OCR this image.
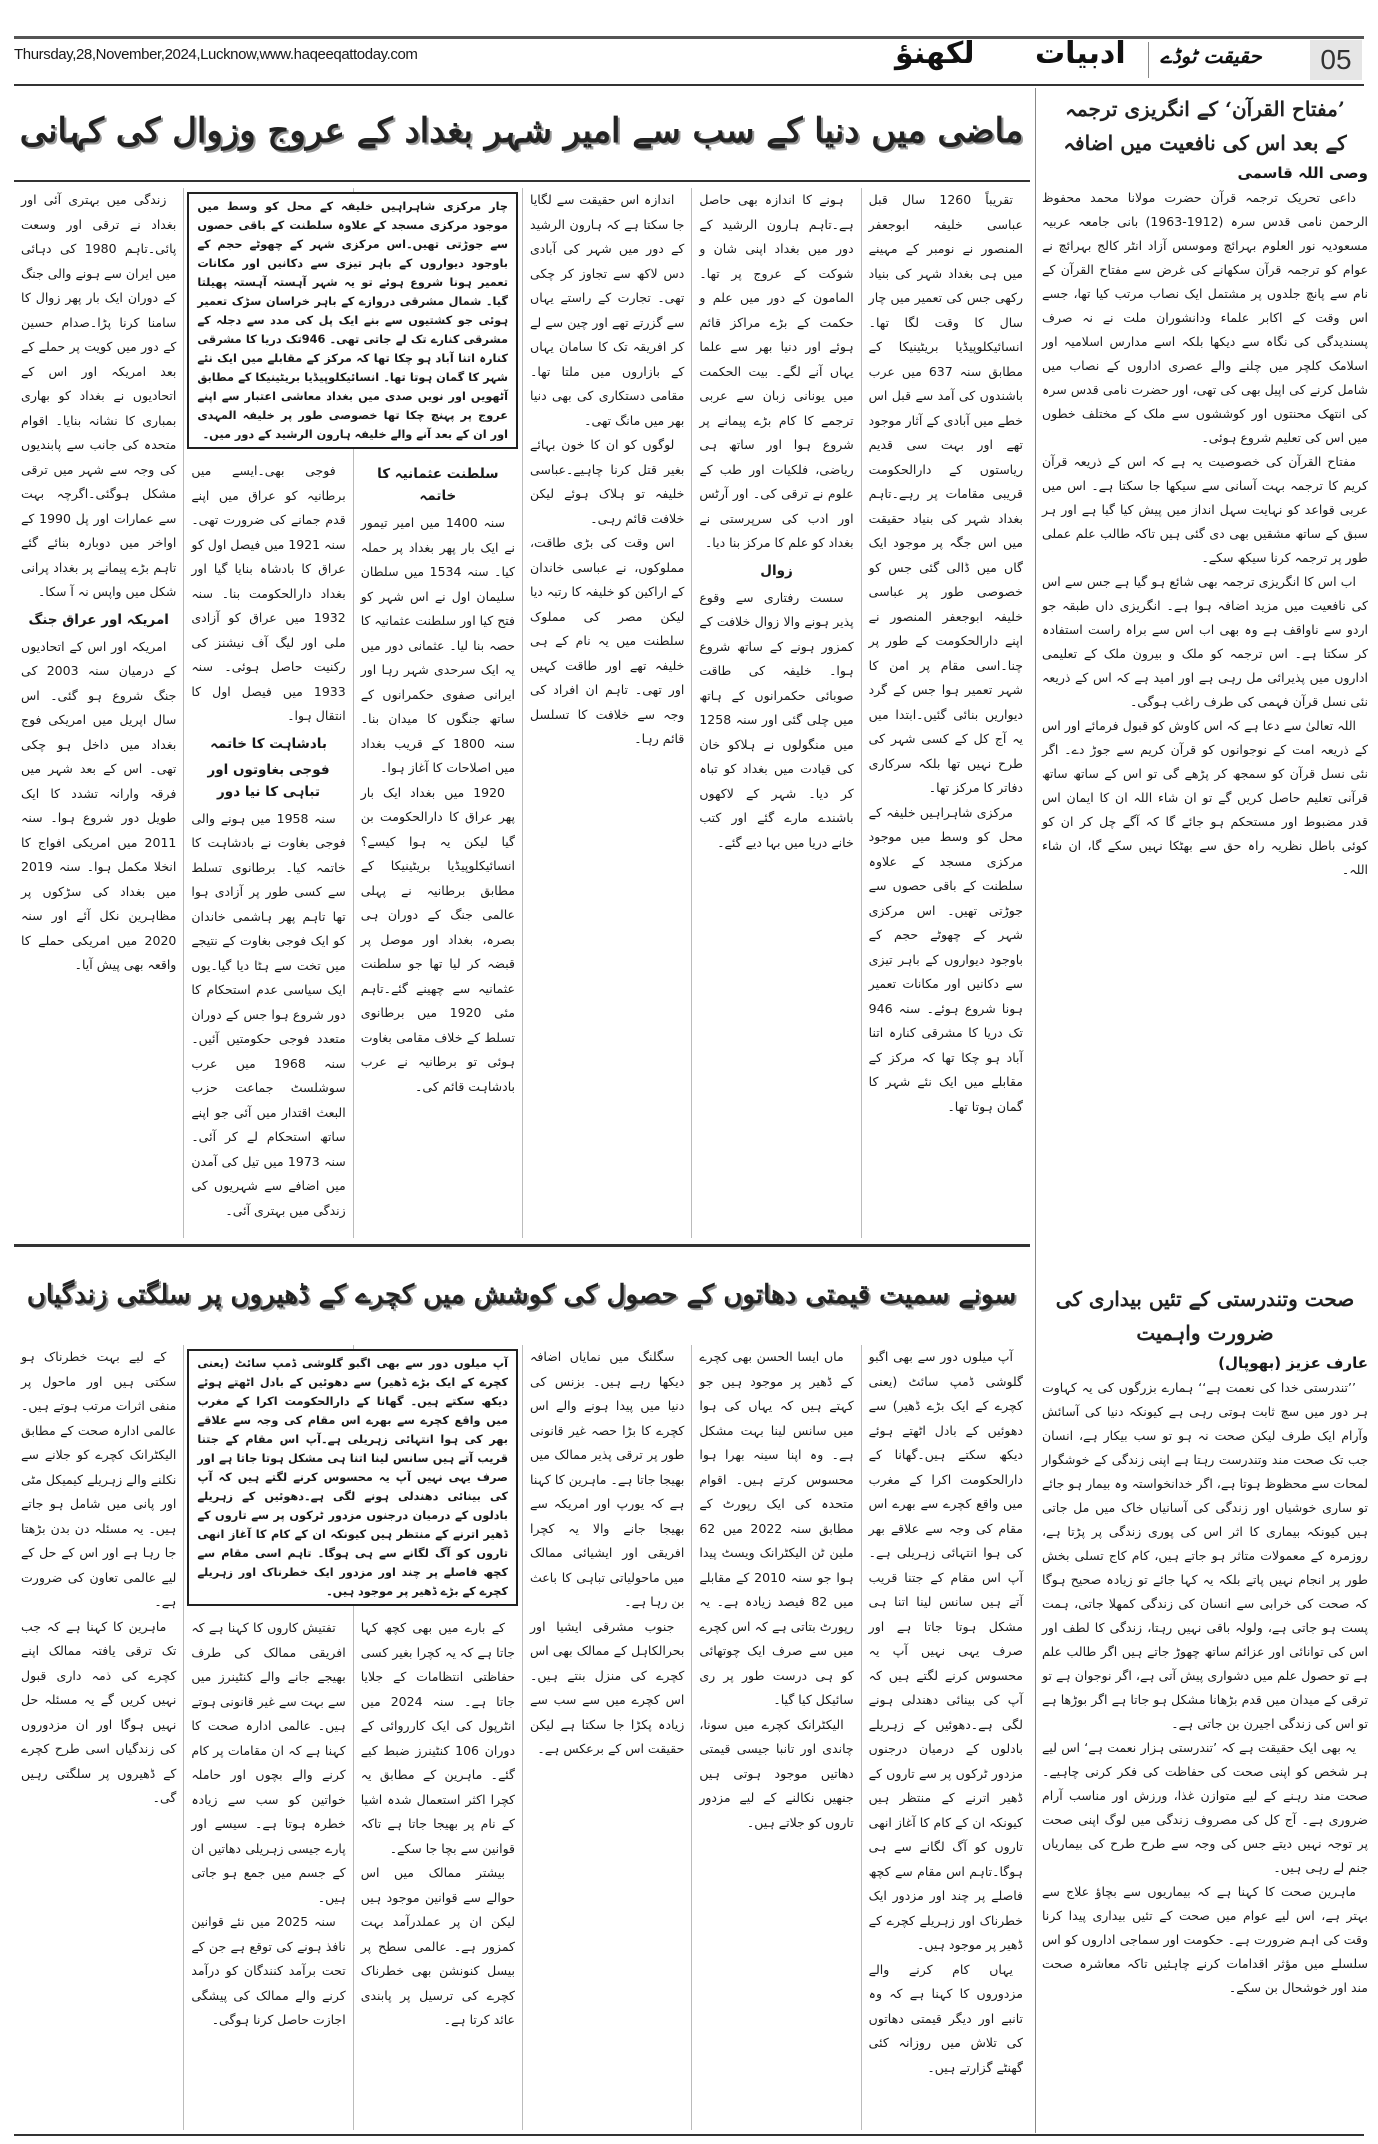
Thursday,28,November,2024,Lucknow,www.haqeeqattoday.com	لکھنؤ ادبیات حقیقت ٹوڈے	05
ماضی میں دنیا کے سب سے امیر شہر بغداد کے عروج وزوال کی کہانی

تقریباً 1260 سال قبل عباسی خلیفہ ابوجعفر المنصور نے نومبر کے مہینے میں ہی بغداد شہر کی بنیاد رکھی جس کی تعمیر میں چار سال کا وقت لگا تھا۔انسائیکلوپیڈیا بریٹینیکا کے مطابق سنہ 637 میں عرب باشندوں کی آمد سے قبل اس خطے میں آبادی کے آثار موجود تھے اور بہت سی قدیم ریاستوں کے دارالحکومت قریبی مقامات پر رہے۔تاہم بغداد شہر کی بنیاد حقیقت میں اس جگہ پر موجود ایک گاں میں ڈالی گئی جس کو خصوصی طور پر عباسی خلیفہ ابوجعفر المنصور نے اپنے دارالحکومت کے طور پر چنا۔اسی مقام پر امن کا شہر تعمیر ہوا جس کے گرد دیواریں بنائی گئیں۔ابتدا میں یہ آج کل کے کسی شہر کی طرح نہیں تھا بلکہ سرکاری دفاتر کا مرکز تھا۔

مرکزی شاہراہیں خلیفہ کے محل کو وسط میں موجود مرکزی مسجد کے علاوہ سلطنت کے باقی حصوں سے جوڑتی تھیں۔ اس مرکزی شہر کے چھوٹے حجم کے باوجود دیواروں کے باہر تیزی سے دکانیں اور مکانات تعمیر ہونا شروع ہوئے۔ سنہ 946 تک دریا کا مشرقی کنارہ اتنا آباد ہو چکا تھا کہ مرکز کے مقابلے میں ایک نئے شہر کا گمان ہوتا تھا۔

ہونے کا اندازہ بھی حاصل ہے۔تاہم ہارون الرشید کے دور میں بغداد اپنی شان و شوکت کے عروج پر تھا۔ المامون کے دور میں علم و حکمت کے بڑے مراکز قائم ہوئے اور دنیا بھر سے علما یہاں آنے لگے۔ بیت الحکمت میں یونانی زبان سے عربی ترجمے کا کام بڑے پیمانے پر شروع ہوا اور ساتھ ہی ریاضی، فلکیات اور طب کے علوم نے ترقی کی۔ اور آرٹس اور ادب کی سرپرستی نے بغداد کو علم کا مرکز بنا دیا۔

زوال

سست رفتاری سے وقوع پذیر ہونے والا زوال خلافت کے کمزور ہونے کے ساتھ شروع ہوا۔ خلیفہ کی طاقت صوبائی حکمرانوں کے ہاتھ میں چلی گئی اور سنہ 1258 میں منگولوں نے ہلاکو خان کی قیادت میں بغداد کو تباہ کر دیا۔ شہر کے لاکھوں باشندے مارے گئے اور کتب خانے دریا میں بہا دیے گئے۔

اندازہ اس حقیقت سے لگایا جا سکتا ہے کہ ہارون الرشید کے دور میں شہر کی آبادی دس لاکھ سے تجاوز کر چکی تھی۔ تجارت کے راستے یہاں سے گزرتے تھے اور چین سے لے کر افریقہ تک کا سامان یہاں کے بازاروں میں ملتا تھا۔ مقامی دستکاری کی بھی دنیا بھر میں مانگ تھی۔

لوگوں کو ان کا خون بہائے بغیر قتل کرنا چاہیے۔عباسی خلیفہ تو ہلاک ہوئے لیکن خلافت قائم رہی۔

اس وقت کی بڑی طاقت، مملوکوں، نے عباسی خاندان کے اراکین کو خلیفہ کا رتبہ دیا لیکن مصر کی مملوک سلطنت میں یہ نام کے ہی خلیفہ تھے اور طاقت کہیں اور تھی۔ تاہم ان افراد کی وجہ سے خلافت کا تسلسل قائم رہا۔

سلطنت عثمانیہ کا خاتمہ

سنہ 1400 میں امیر تیمور نے ایک بار پھر بغداد پر حملہ کیا۔ سنہ 1534 میں سلطان سلیمان اول نے اس شہر کو فتح کیا اور سلطنت عثمانیہ کا حصہ بنا لیا۔ عثمانی دور میں یہ ایک سرحدی شہر رہا اور ایرانی صفوی حکمرانوں کے ساتھ جنگوں کا میدان بنا۔ سنہ 1800 کے قریب بغداد میں اصلاحات کا آغاز ہوا۔

1920 میں بغداد ایک بار پھر عراق کا دارالحکومت بن گیا لیکن یہ ہوا کیسے؟ انسائیکلوپیڈیا بریٹینیکا کے مطابق برطانیہ نے پہلی عالمی جنگ کے دوران ہی بصرہ، بغداد اور موصل پر قبضہ کر لیا تھا جو سلطنت عثمانیہ سے چھینے گئے۔تاہم مئی 1920 میں برطانوی تسلط کے خلاف مقامی بغاوت ہوئی تو برطانیہ نے عرب بادشاہت قائم کی۔

فوجی بھی۔ایسے میں برطانیہ کو عراق میں اپنے قدم جمانے کی ضرورت تھی۔ سنہ 1921 میں فیصل اول کو عراق کا بادشاہ بنایا گیا اور بغداد دارالحکومت بنا۔ سنہ 1932 میں عراق کو آزادی ملی اور لیگ آف نیشنز کی رکنیت حاصل ہوئی۔ سنہ 1933 میں فیصل اول کا انتقال ہوا۔

بادشاہت کا خاتمہ
فوجی بغاوتوں اور تباہی کا نیا دور

سنہ 1958 میں ہونے والی فوجی بغاوت نے بادشاہت کا خاتمہ کیا۔ برطانوی تسلط سے کسی طور پر آزادی ہوا تھا تاہم پھر ہاشمی خاندان کو ایک فوجی بغاوت کے نتیجے میں تخت سے ہٹا دیا گیا۔یوں ایک سیاسی عدم استحکام کا دور شروع ہوا جس کے دوران متعدد فوجی حکومتیں آئیں۔ سنہ 1968 میں عرب سوشلسٹ جماعت حزب البعث اقتدار میں آئی جو اپنے ساتھ استحکام لے کر آئی۔ سنہ 1973 میں تیل کی آمدن میں اضافے سے شہریوں کی زندگی میں بہتری آئی۔

زندگی میں بہتری آئی اور بغداد نے ترقی اور وسعت پائی۔تاہم 1980 کی دہائی میں ایران سے ہونے والی جنگ کے دوران ایک بار پھر زوال کا سامنا کرنا پڑا۔صدام حسین کے دور میں کویت پر حملے کے بعد امریکہ اور اس کے اتحادیوں نے بغداد کو بھاری بمباری کا نشانہ بنایا۔ اقوام متحدہ کی جانب سے پابندیوں کی وجہ سے شہر میں ترقی مشکل ہوگئی۔اگرچہ بہت سے عمارات اور پل 1990 کے اواخر میں دوبارہ بنائے گئے تاہم بڑے پیمانے پر بغداد پرانی شکل میں واپس نہ آ سکا۔

امریکہ اور عراق جنگ

امریکہ اور اس کے اتحادیوں کے درمیان سنہ 2003 کی جنگ شروع ہو گئی۔ اس سال اپریل میں امریکی فوج بغداد میں داخل ہو چکی تھی۔ اس کے بعد شہر میں فرقہ وارانہ تشدد کا ایک طویل دور شروع ہوا۔ سنہ 2011 میں امریکی افواج کا انخلا مکمل ہوا۔ سنہ 2019 میں بغداد کی سڑکوں پر مظاہرین نکل آئے اور سنہ 2020 میں امریکی حملے کا واقعہ بھی پیش آیا۔

چار مرکزی شاہراہیں خلیفہ کے محل کو وسط میں موجود مرکزی مسجد کے علاوہ سلطنت کے باقی حصوں سے جوڑتی تھیں۔اس مرکزی شہر کے چھوٹے حجم کے باوجود دیواروں کے باہر تیزی سے دکانیں اور مکانات تعمیر ہونا شروع ہوئے تو یہ شہر آہستہ آہستہ پھیلتا گیا۔ شمال مشرقی دروازے کے باہر خراسان سڑک تعمیر ہوئی جو کشتیوں سے بنے ایک پل کی مدد سے دجلہ کے مشرقی کنارے تک لے جاتی تھی۔ 946تک دریا کا مشرقی کنارہ اتنا آباد ہو چکا تھا کہ مرکز کے مقابلے میں ایک نئے شہر کا گمان ہوتا تھا۔ انسائیکلوپیڈیا بریٹینیکا کے مطابق آٹھویں اور نویں صدی میں بغداد معاشی اعتبار سے اپنے عروج پر پہنچ چکا تھا خصوصی طور پر خلیفہ المہدی اور ان کے بعد آنے والے خلیفہ ہارون الرشید کے دور میں۔
سونے سمیت قیمتی دھاتوں کے حصول کی کوشش میں کچرے کے ڈھیروں پر سلگتی زندگیاں

آپ میلوں دور سے بھی اگبو گلوشی ڈمپ سائٹ (یعنی کچرے کے ایک بڑے ڈھیر) سے دھوئیں کے بادل اٹھتے ہوئے دیکھ سکتے ہیں۔گھانا کے دارالحکومت اکرا کے مغرب میں واقع کچرے سے بھرے اس مقام کی وجہ سے علاقے بھر کی ہوا انتہائی زہریلی ہے۔ آپ اس مقام کے جتنا قریب آتے ہیں سانس لینا اتنا ہی مشکل ہوتا جاتا ہے اور صرف یہی نہیں آپ یہ محسوس کرنے لگتے ہیں کہ آپ کی بینائی دھندلی ہونے لگی ہے۔دھوئیں کے زہریلے بادلوں کے درمیان درجنوں مزدور ٹرکوں پر سے تاروں کے ڈھیر اترنے کے منتظر ہیں کیونکہ ان کے کام کا آغاز انھی تاروں کو آگ لگانے سے ہی ہوگا۔تاہم اس مقام سے کچھ فاصلے پر چند اور مزدور ایک خطرناک اور زہریلے کچرے کے ڈھیر پر موجود ہیں۔

یہاں کام کرنے والے مزدوروں کا کہنا ہے کہ وہ تانبے اور دیگر قیمتی دھاتوں کی تلاش میں روزانہ کئی گھنٹے گزارتے ہیں۔

ماں ایسا الحسن بھی کچرے کے ڈھیر پر موجود ہیں جو کہتے ہیں کہ یہاں کی ہوا میں سانس لینا بہت مشکل ہے۔ وہ اپنا سینہ بھرا ہوا محسوس کرتے ہیں۔ اقوام متحدہ کی ایک رپورٹ کے مطابق سنہ 2022 میں 62 ملین ٹن الیکٹرانک ویسٹ پیدا ہوا جو سنہ 2010 کے مقابلے میں 82 فیصد زیادہ ہے۔ یہ رپورٹ بتاتی ہے کہ اس کچرے میں سے صرف ایک چوتھائی کو ہی درست طور پر ری سائیکل کیا گیا۔

الیکٹرانک کچرے میں سونا، چاندی اور تانبا جیسی قیمتی دھاتیں موجود ہوتی ہیں جنھیں نکالنے کے لیے مزدور تاروں کو جلاتے ہیں۔

سگلنگ میں نمایاں اضافہ دیکھا رہے ہیں۔ بزنس کی دنیا میں پیدا ہونے والے اس کچرے کا بڑا حصہ غیر قانونی طور پر ترقی پذیر ممالک میں بھیجا جاتا ہے۔ ماہرین کا کہنا ہے کہ یورپ اور امریکہ سے بھیجا جانے والا یہ کچرا افریقی اور ایشیائی ممالک میں ماحولیاتی تباہی کا باعث بن رہا ہے۔

جنوب مشرقی ایشیا اور بحرالکاہل کے ممالک بھی اس کچرے کی منزل بنتے ہیں۔ اس کچرے میں سے سب سے زیادہ پکڑا جا سکتا ہے لیکن حقیقت اس کے برعکس ہے۔

کے بارے میں بھی کچھ کہا جاتا ہے کہ یہ کچرا بغیر کسی حفاظتی انتظامات کے جلایا جاتا ہے۔ سنہ 2024 میں انٹرپول کی ایک کارروائی کے دوران 106 کنٹینرز ضبط کیے گئے۔ ماہرین کے مطابق یہ کچرا اکثر استعمال شدہ اشیا کے نام پر بھیجا جاتا ہے تاکہ قوانین سے بچا جا سکے۔

بیشتر ممالک میں اس حوالے سے قوانین موجود ہیں لیکن ان پر عملدرآمد بہت کمزور ہے۔ عالمی سطح پر بیسل کنونشن بھی خطرناک کچرے کی ترسیل پر پابندی عائد کرتا ہے۔

تفتیش کاروں کا کہنا ہے کہ افریقی ممالک کی طرف بھیجے جانے والے کنٹینرز میں سے بہت سے غیر قانونی ہوتے ہیں۔ عالمی ادارہ صحت کا کہنا ہے کہ ان مقامات پر کام کرنے والے بچوں اور حاملہ خواتین کو سب سے زیادہ خطرہ ہوتا ہے۔ سیسے اور پارے جیسی زہریلی دھاتیں ان کے جسم میں جمع ہو جاتی ہیں۔

سنہ 2025 میں نئے قوانین نافذ ہونے کی توقع ہے جن کے تحت برآمد کنندگان کو درآمد کرنے والے ممالک کی پیشگی اجازت حاصل کرنا ہوگی۔

کے لیے بہت خطرناک ہو سکتی ہیں اور ماحول پر منفی اثرات مرتب ہوتے ہیں۔ عالمی ادارہ صحت کے مطابق الیکٹرانک کچرے کو جلانے سے نکلنے والے زہریلے کیمیکل مٹی اور پانی میں شامل ہو جاتے ہیں۔ یہ مسئلہ دن بدن بڑھتا جا رہا ہے اور اس کے حل کے لیے عالمی تعاون کی ضرورت ہے۔

ماہرین کا کہنا ہے کہ جب تک ترقی یافتہ ممالک اپنے کچرے کی ذمہ داری قبول نہیں کریں گے یہ مسئلہ حل نہیں ہوگا اور ان مزدوروں کی زندگیاں اسی طرح کچرے کے ڈھیروں پر سلگتی رہیں گی۔

آپ میلوں دور سے بھی اگبو گلوشی ڈمپ سائٹ (یعنی کچرے کے ایک بڑے ڈھیر) سے دھوئیں کے بادل اٹھتے ہوئے دیکھ سکتے ہیں۔ گھانا کے دارالحکومت اکرا کے مغرب میں واقع کچرے سے بھرے اس مقام کی وجہ سے علاقے بھر کی ہوا انتہائی زہریلی ہے۔آپ اس مقام کے جتنا قریب آتے ہیں سانس لینا اتنا ہی مشکل ہوتا جاتا ہے اور صرف یہی نہیں آپ یہ محسوس کرنے لگتے ہیں کہ آپ کی بینائی دھندلی ہونے لگی ہے۔دھوئیں کے زہریلے بادلوں کے درمیان درجنوں مزدور ٹرکوں پر سے تاروں کے ڈھیر اترنے کے منتظر ہیں کیونکہ ان کے کام کا آغاز انھی تاروں کو آگ لگانے سے ہی ہوگا۔ تاہم اسی مقام سے کچھ فاصلے پر چند اور مزدور ایک خطرناک اور زہریلے کچرے کے بڑے ڈھیر پر موجود ہیں۔
’مفتاح القرآن‘ کے انگریزی ترجمہ
کے بعد اس کی نافعیت میں اضافہ
وصی اللہ قاسمی

داعی تحریک ترجمہ قرآن حضرت مولانا محمد محفوظ الرحمن نامی قدس سرہ (1912-1963) بانی جامعہ عربیہ مسعودیہ نور العلوم بہرائچ وموسس آزاد انٹر کالج بہرائچ نے عوام کو ترجمہ قرآن سکھانے کی غرض سے مفتاح القرآن کے نام سے پانچ جلدوں پر مشتمل ایک نصاب مرتب کیا تھا، جسے اس وقت کے اکابر علماء ودانشوران ملت نے نہ صرف پسندیدگی کی نگاہ سے دیکھا بلکہ اسے مدارس اسلامیہ اور اسلامک کلچر میں چلنے والے عصری اداروں کے نصاب میں شامل کرنے کی اپیل بھی کی تھی، اور حضرت نامی قدس سرہ کی انتھک محنتوں اور کوششوں سے ملک کے مختلف خطوں میں اس کی تعلیم شروع ہوئی۔

مفتاح القرآن کی خصوصیت یہ ہے کہ اس کے ذریعہ قرآن کریم کا ترجمہ بہت آسانی سے سیکھا جا سکتا ہے۔ اس میں عربی قواعد کو نہایت سہل انداز میں پیش کیا گیا ہے اور ہر سبق کے ساتھ مشقیں بھی دی گئی ہیں تاکہ طالب علم عملی طور پر ترجمہ کرنا سیکھ سکے۔

اب اس کا انگریزی ترجمہ بھی شائع ہو گیا ہے جس سے اس کی نافعیت میں مزید اضافہ ہوا ہے۔ انگریزی داں طبقہ جو اردو سے ناواقف ہے وہ بھی اب اس سے براہ راست استفادہ کر سکتا ہے۔ اس ترجمہ کو ملک و بیرون ملک کے تعلیمی اداروں میں پذیرائی مل رہی ہے اور امید ہے کہ اس کے ذریعہ نئی نسل قرآن فہمی کی طرف راغب ہوگی۔

اللہ تعالیٰ سے دعا ہے کہ اس کاوش کو قبول فرمائے اور اس کے ذریعہ امت کے نوجوانوں کو قرآن کریم سے جوڑ دے۔ اگر نئی نسل قرآن کو سمجھ کر پڑھے گی تو اس کے ساتھ ساتھ قرآنی تعلیم حاصل کریں گے تو ان شاء اللہ ان کا ایمان اس قدر مضبوط اور مستحکم ہو جائے گا کہ آگے چل کر ان کو کوئی باطل نظریہ راہ حق سے بھٹکا نہیں سکے گا، ان شاء اللہ۔

صحت وتندرستی کے تئیں بیداری کی ضرورت واہمیت
عارف عزیز (بھوپال)

’’تندرستی خدا کی نعمت ہے‘‘ ہمارے بزرگوں کی یہ کہاوت ہر دور میں سچ ثابت ہوتی رہی ہے کیونکہ دنیا کی آسائش وآرام ایک طرف لیکن صحت نہ ہو تو سب بیکار ہے، انسان جب تک صحت مند وتندرست رہتا ہے اپنی زندگی کے خوشگوار لمحات سے محظوظ ہوتا ہے، اگر خدانخواستہ وہ بیمار ہو جائے تو ساری خوشیاں اور زندگی کی آسانیاں خاک میں مل جاتی ہیں کیونکہ بیماری کا اثر اس کی پوری زندگی پر پڑتا ہے، روزمرہ کے معمولات متاثر ہو جاتے ہیں، کام کاج تسلی بخش طور پر انجام نہیں پاتے بلکہ یہ کہا جائے تو زیادہ صحیح ہوگا کہ صحت کی خرابی سے انسان کی زندگی کمھلا جاتی، ہمت پست ہو جاتی ہے، ولولہ باقی نہیں رہتا، زندگی کا لطف اور اس کی توانائی اور عزائم ساتھ چھوڑ جاتے ہیں اگر طالب علم ہے تو حصول علم میں دشواری پیش آتی ہے، اگر نوجوان ہے تو ترقی کے میدان میں قدم بڑھانا مشکل ہو جاتا ہے اگر بوڑھا ہے تو اس کی زندگی اجیرن بن جاتی ہے۔

یہ بھی ایک حقیقت ہے کہ ’تندرستی ہزار نعمت ہے‘ اس لیے ہر شخص کو اپنی صحت کی حفاظت کی فکر کرنی چاہیے۔ صحت مند رہنے کے لیے متوازن غذا، ورزش اور مناسب آرام ضروری ہے۔ آج کل کی مصروف زندگی میں لوگ اپنی صحت پر توجہ نہیں دیتے جس کی وجہ سے طرح طرح کی بیماریاں جنم لے رہی ہیں۔

ماہرین صحت کا کہنا ہے کہ بیماریوں سے بچاؤ علاج سے بہتر ہے، اس لیے عوام میں صحت کے تئیں بیداری پیدا کرنا وقت کی اہم ضرورت ہے۔ حکومت اور سماجی اداروں کو اس سلسلے میں مؤثر اقدامات کرنے چاہئیں تاکہ معاشرہ صحت مند اور خوشحال بن سکے۔
